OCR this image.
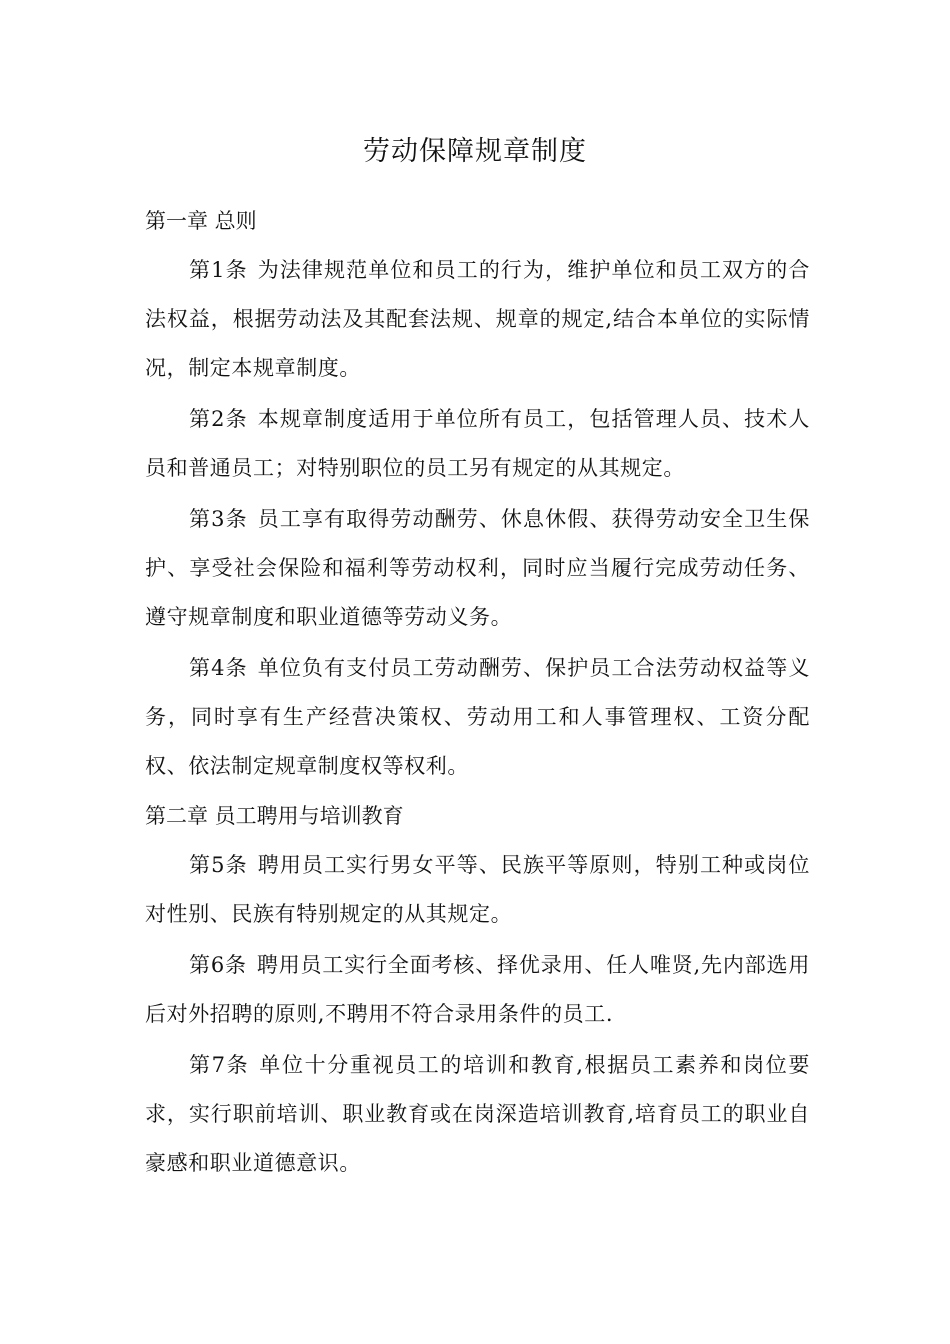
劳动保障规章制度
第一章 总则

第1条 为法律规范单位和员工的行为，维护单位和员工双方的合法权益，根据劳动法及其配套法规、规章的规定,结合本单位的实际情况，制定本规章制度。

第2条 本规章制度适用于单位所有员工，包括管理人员、技术人员和普通员工；对特别职位的员工另有规定的从其规定。

第3条 员工享有取得劳动酬劳、休息休假、获得劳动安全卫生保护、享受社会保险和福利等劳动权利，同时应当履行完成劳动任务、遵守规章制度和职业道德等劳动义务。

第4条 单位负有支付员工劳动酬劳、保护员工合法劳动权益等义务，同时享有生产经营决策权、劳动用工和人事管理权、工资分配权、依法制定规章制度权等权利。

第二章 员工聘用与培训教育

第5条 聘用员工实行男女平等、民族平等原则，特别工种或岗位对性别、民族有特别规定的从其规定。

第6条 聘用员工实行全面考核、择优录用、任人唯贤,先内部选用后对外招聘的原则,不聘用不符合录用条件的员工.

第7条 单位十分重视员工的培训和教育,根据员工素养和岗位要求，实行职前培训、职业教育或在岗深造培训教育,培育员工的职业自豪感和职业道德意识。
